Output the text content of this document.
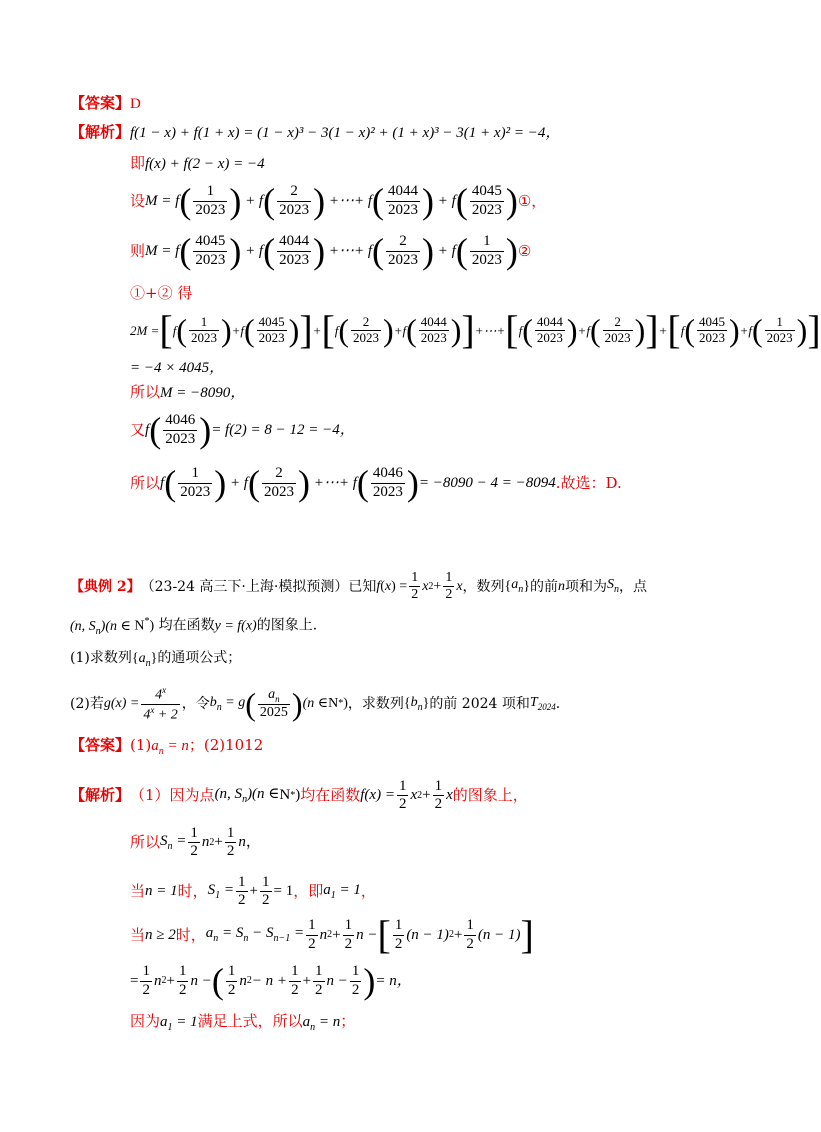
【答案】D
【解析】f(1 − x) + f(1 + x) = (1 − x)³ − 3(1 − x)² + (1 + x)³ − 3(1 + x)² = −4，
即f(x) + f(2 − x) = −4
设 M = f ( $\frac{1}{2023}$ ) + f ( $\frac{2}{2023}$ ) +⋯+ f ( $\frac{4044}{2023}$ ) + f ( $\frac{4045}{2023}$ ) ①，
则 M = f ( $\frac{4045}{2023}$ ) + f ( $\frac{4044}{2023}$ ) +⋯+ f ( $\frac{2}{2023}$ ) + f ( $\frac{1}{2023}$ ) ②
①+② 得
2M = [ f ( $\frac{1}{2023}$ ) +f ( $\frac{4045}{2023}$ ) ] + [ f ( $\frac{2}{2023}$ ) +f ( $\frac{4044}{2023}$ ) ] +⋯+ [ f ( $\frac{4044}{2023}$ ) +f ( $\frac{2}{2023}$ ) ] + [ f ( $\frac{4045}{2023}$ ) +f ( $\frac{1}{2023}$ ) ]
= −4 × 4045，
所以M = −8090，
又 f ( $\frac{4046}{2023}$ ) = f(2) = 8 − 12 = −4，
所以 f ( $\frac{1}{2023}$ ) + f ( $\frac{2}{2023}$ ) +⋯+ f ( $\frac{4046}{2023}$ ) = −8090 − 4 = −8094 .故选：D.
【典例 2】 （23-24 高三下·上海·模拟预测）已知 f ( x ) = $\frac{1}{2}$ x $2 + \frac{1}{2}$ x ，数列 { $a_n$ } 的前 n 项和为 $S_n$ ，点
(n, $S_n)(n$ ∈ N*) 均在函数y = f(x)的图象上.
(1)求数列$\{a_n\}$的通项公式；
(2)若 $g(x) = \frac{4^x}{4^x + 2}$ ，令 $b_n = g$ ( $\frac{a_n}{2025}$ ) (n ∈ N * ) ，求数列 { $b_n$ } 的前 2024 项和 $T_{2024}$ .
【答案】$(1)a_n = n$；(2)1012
【解析】 （1）因为点 (n, $S_n)(n$ ∈ N * ) 均在函数 $f(x) = \frac{1}{2}$ x $2 + \frac{1}{2}$ x 的图象上，
所以 $S_n = \frac{1}{2}$ n $2 + \frac{1}{2}$ n ，
当 n = 1 时， $S_1 = \frac{1}{2} + \frac{1}{2} = 1$ ，即 $a_1 = 1$ ，
当 n ≥ 2 时， $a_n = S_n - S_{n-1} = \frac{1}{2}$ n $2 + \frac{1}{2}$ n − [ $\frac{1}{2} (n - 1) 2 + \frac{1}{2} (n - 1)$ ]
= $\frac{1}{2}$ n $2 + \frac{1}{2}$ n − ( $\frac{1}{2}$ n $2 - n + \frac{1}{2} + \frac{1}{2}$ $n - \frac{1}{2}$ ) = n，
因为$a_1 = 1$满足上式，所以$a_n = n$；
